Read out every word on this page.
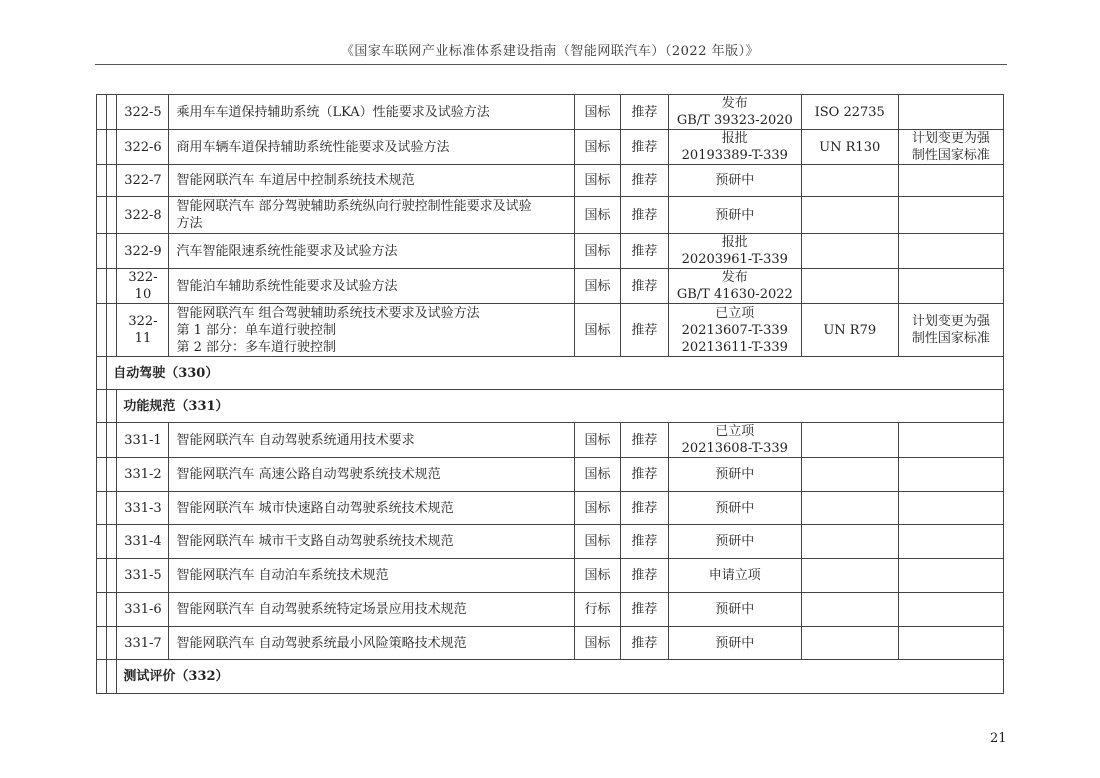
《国家车联网产业标准体系建设指南（智能网联汽车）（2022 年版）》
		322-5	乘用车车道保持辅助系统（LKA）性能要求及试验方法	国标	推荐	发布
GB/T 39323-2020	ISO 22735	

		322-6	商用车辆车道保持辅助系统性能要求及试验方法	国标	推荐	报批
20193389-T-339	UN R130	计划变更为强
制性国家标准

		322-7	智能网联汽车 车道居中控制系统技术规范	国标	推荐	预研中		

		322-8	智能网联汽车 部分驾驶辅助系统纵向行驶控制性能要求及试验
方法	国标	推荐	预研中		

		322-9	汽车智能限速系统性能要求及试验方法	国标	推荐	报批
20203961-T-339		

		322-10	智能泊车辅助系统性能要求及试验方法	国标	推荐	发布
GB/T 41630-2022		

		322-11	智能网联汽车 组合驾驶辅助系统技术要求及试验方法
第 1 部分：单车道行驶控制
第 2 部分：多车道行驶控制	国标	推荐	已立项
20213607-T-339
20213611-T-339	UN R79	计划变更为强
制性国家标准

	自动驾驶（330）							
		功能规范（331）						
		331-1	智能网联汽车 自动驾驶系统通用技术要求	国标	推荐	已立项
20213608-T-339		

		331-2	智能网联汽车 高速公路自动驾驶系统技术规范	国标	推荐	预研中		

		331-3	智能网联汽车 城市快速路自动驾驶系统技术规范	国标	推荐	预研中		

		331-4	智能网联汽车 城市干支路自动驾驶系统技术规范	国标	推荐	预研中		

		331-5	智能网联汽车 自动泊车系统技术规范	国标	推荐	申请立项		

		331-6	智能网联汽车 自动驾驶系统特定场景应用技术规范	行标	推荐	预研中		

		331-7	智能网联汽车 自动驾驶系统最小风险策略技术规范	国标	推荐	预研中		

		测试评价（332）						
21
